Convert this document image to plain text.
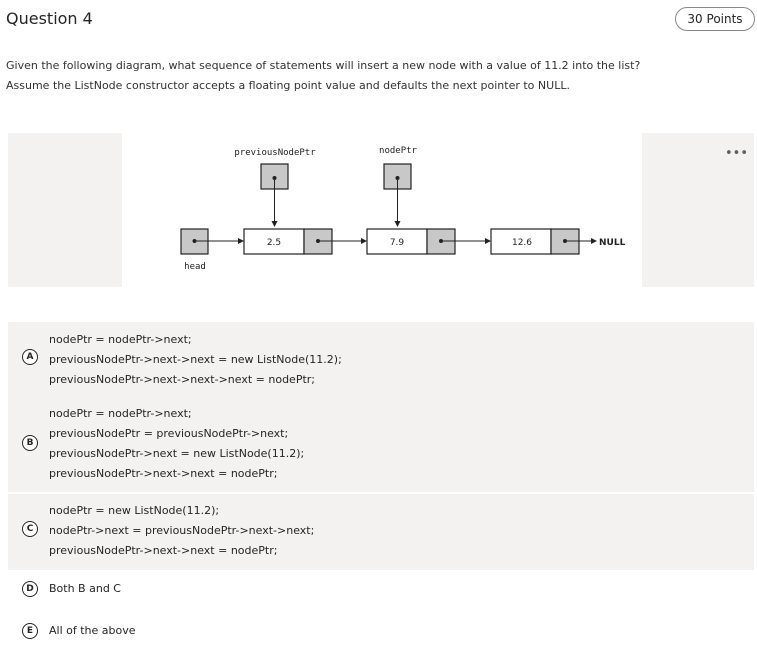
Question 4	30 Points
Given the following diagram, what sequence of statements will insert a new node with a value of 11.2 into the list?
Assume the ListNode constructor accepts a floating point value and defaults the next pointer to NULL.
•••
previousNodePtr	nodePtr
head
2.5	7.9	12.6	NULL
A
nodePtr = nodePtr->next;
previousNodePtr->next->next = new ListNode(11.2);
previousNodePtr->next->next->next = nodePtr;
B
nodePtr = nodePtr->next;
previousNodePtr = previousNodePtr->next;
previousNodePtr->next = new ListNode(11.2);
previousNodePtr->next->next = nodePtr;
C
nodePtr = new ListNode(11.2);
nodePtr->next = previousNodePtr->next->next;
previousNodePtr->next->next = nodePtr;
D	Both B and C
E	All of the above
